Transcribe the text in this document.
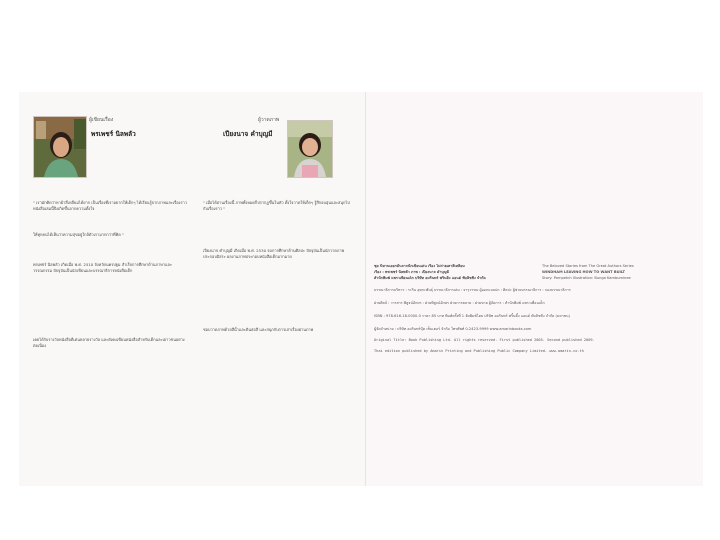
ผู้เขียนเรื่อง
พรเพชร์ นิลพลัว
ผู้วาดภาพ
เปียงนาจ คำบุญมี

" เรามักคิดว่าหาผ้าสี่เหลี่ยมได้ยาก เป็นเรื่องที่เราอยากให้เด็กๆ ได้เรียนรู้จากภาพและเรื่องราว หนังสือเล่มนี้จึงเกิดขึ้นจากความตั้งใจ

ให้ทุกคนได้เห็นว่าความสุขอยู่ใกล้ตัวเรามากกว่าที่คิด "

พรเพชร์ นิลพลัว เกิดเมื่อ พ.ศ. 2510 จังหวัดนครปฐม สำเร็จการศึกษาด้านภาษาและวรรณกรรม ปัจจุบันเป็นนักเขียนและบรรณาธิการหนังสือเด็ก

เคยได้รับรางวัลหนังสือดีเด่นหลายรางวัล และยังคงเขียนหนังสือสำหรับเด็กและเยาวชนอย่างต่อเนื่อง

" เมื่อได้อ่านเรื่องนี้ ภาพทั้งหมดก็ปรากฏขึ้นในหัว ตั้งใจวาดให้เด็กๆ รู้สึกอบอุ่นและสนุกไปกับเรื่องราว "

เปียงนาจ คำบุญมี เกิดเมื่อ พ.ศ. 2530 จบการศึกษาด้านศิลปะ ปัจจุบันเป็นนักวาดภาพประกอบอิสระ ผลงานภาพประกอบหนังสือเด็กมากมาย

ชอบวาดภาพด้วยสีน้ำและดินสอสี และสนุกกับการเล่าเรื่องผ่านภาพ

ชุด นิทานเยอรมันจากนักเขียนเด่น เรื่อง ไม่ถ่ายเสาสี่เหลี่ยม
เรื่อง : พรเพชร์ นิลพลัว ภาพ : เปียงนาจ คำบุญมี
สำนักพิมพ์ แพรวเพื่อนเด็ก บริษัท อมรินทร์ พริ้นติ้ง แอนด์ พับลิชชิ่ง จำกัด
The Beloved Stories from The Great Authors Series
WINDHAM LEAVING HOW TO WANT BUILT
Story: Pornpetch Illustration: Bunga Kambuminee

บรรณาธิการบริหาร : ระริน อุทกะพันธุ์ บรรณาธิการเล่ม : จารุวรรณ ผู้ออกแบบปก : ศิลปะ ผู้ช่วยบรรณาธิการ : กองบรรณาธิการ

ฝ่ายศิลป์ : วารสาร พิสูจน์อักษร : ฝ่ายพิสูจน์อักษร ฝ่ายการตลาด : ฝ่ายขาย ผู้จัดการ : สำนักพิมพ์ แพรวเพื่อนเด็ก

ISBN : 978-616-18-0000-0 ราคา 85 บาท พิมพ์ครั้งที่ 1 จัดพิมพ์โดย บริษัท อมรินทร์ พริ้นติ้ง แอนด์ พับลิชชิ่ง จำกัด (มหาชน)

ผู้จัดจำหน่าย : บริษัท อมรินทร์บุ๊ค เซ็นเตอร์ จำกัด โทรศัพท์ 0-2423-9999 www.amarinbooks.com

Original Title: Book Publishing Ltd. All rights reserved. First published 2005. Second published 2009.

Thai edition published by Amarin Printing and Publishing Public Company Limited. www.amarin.co.th
